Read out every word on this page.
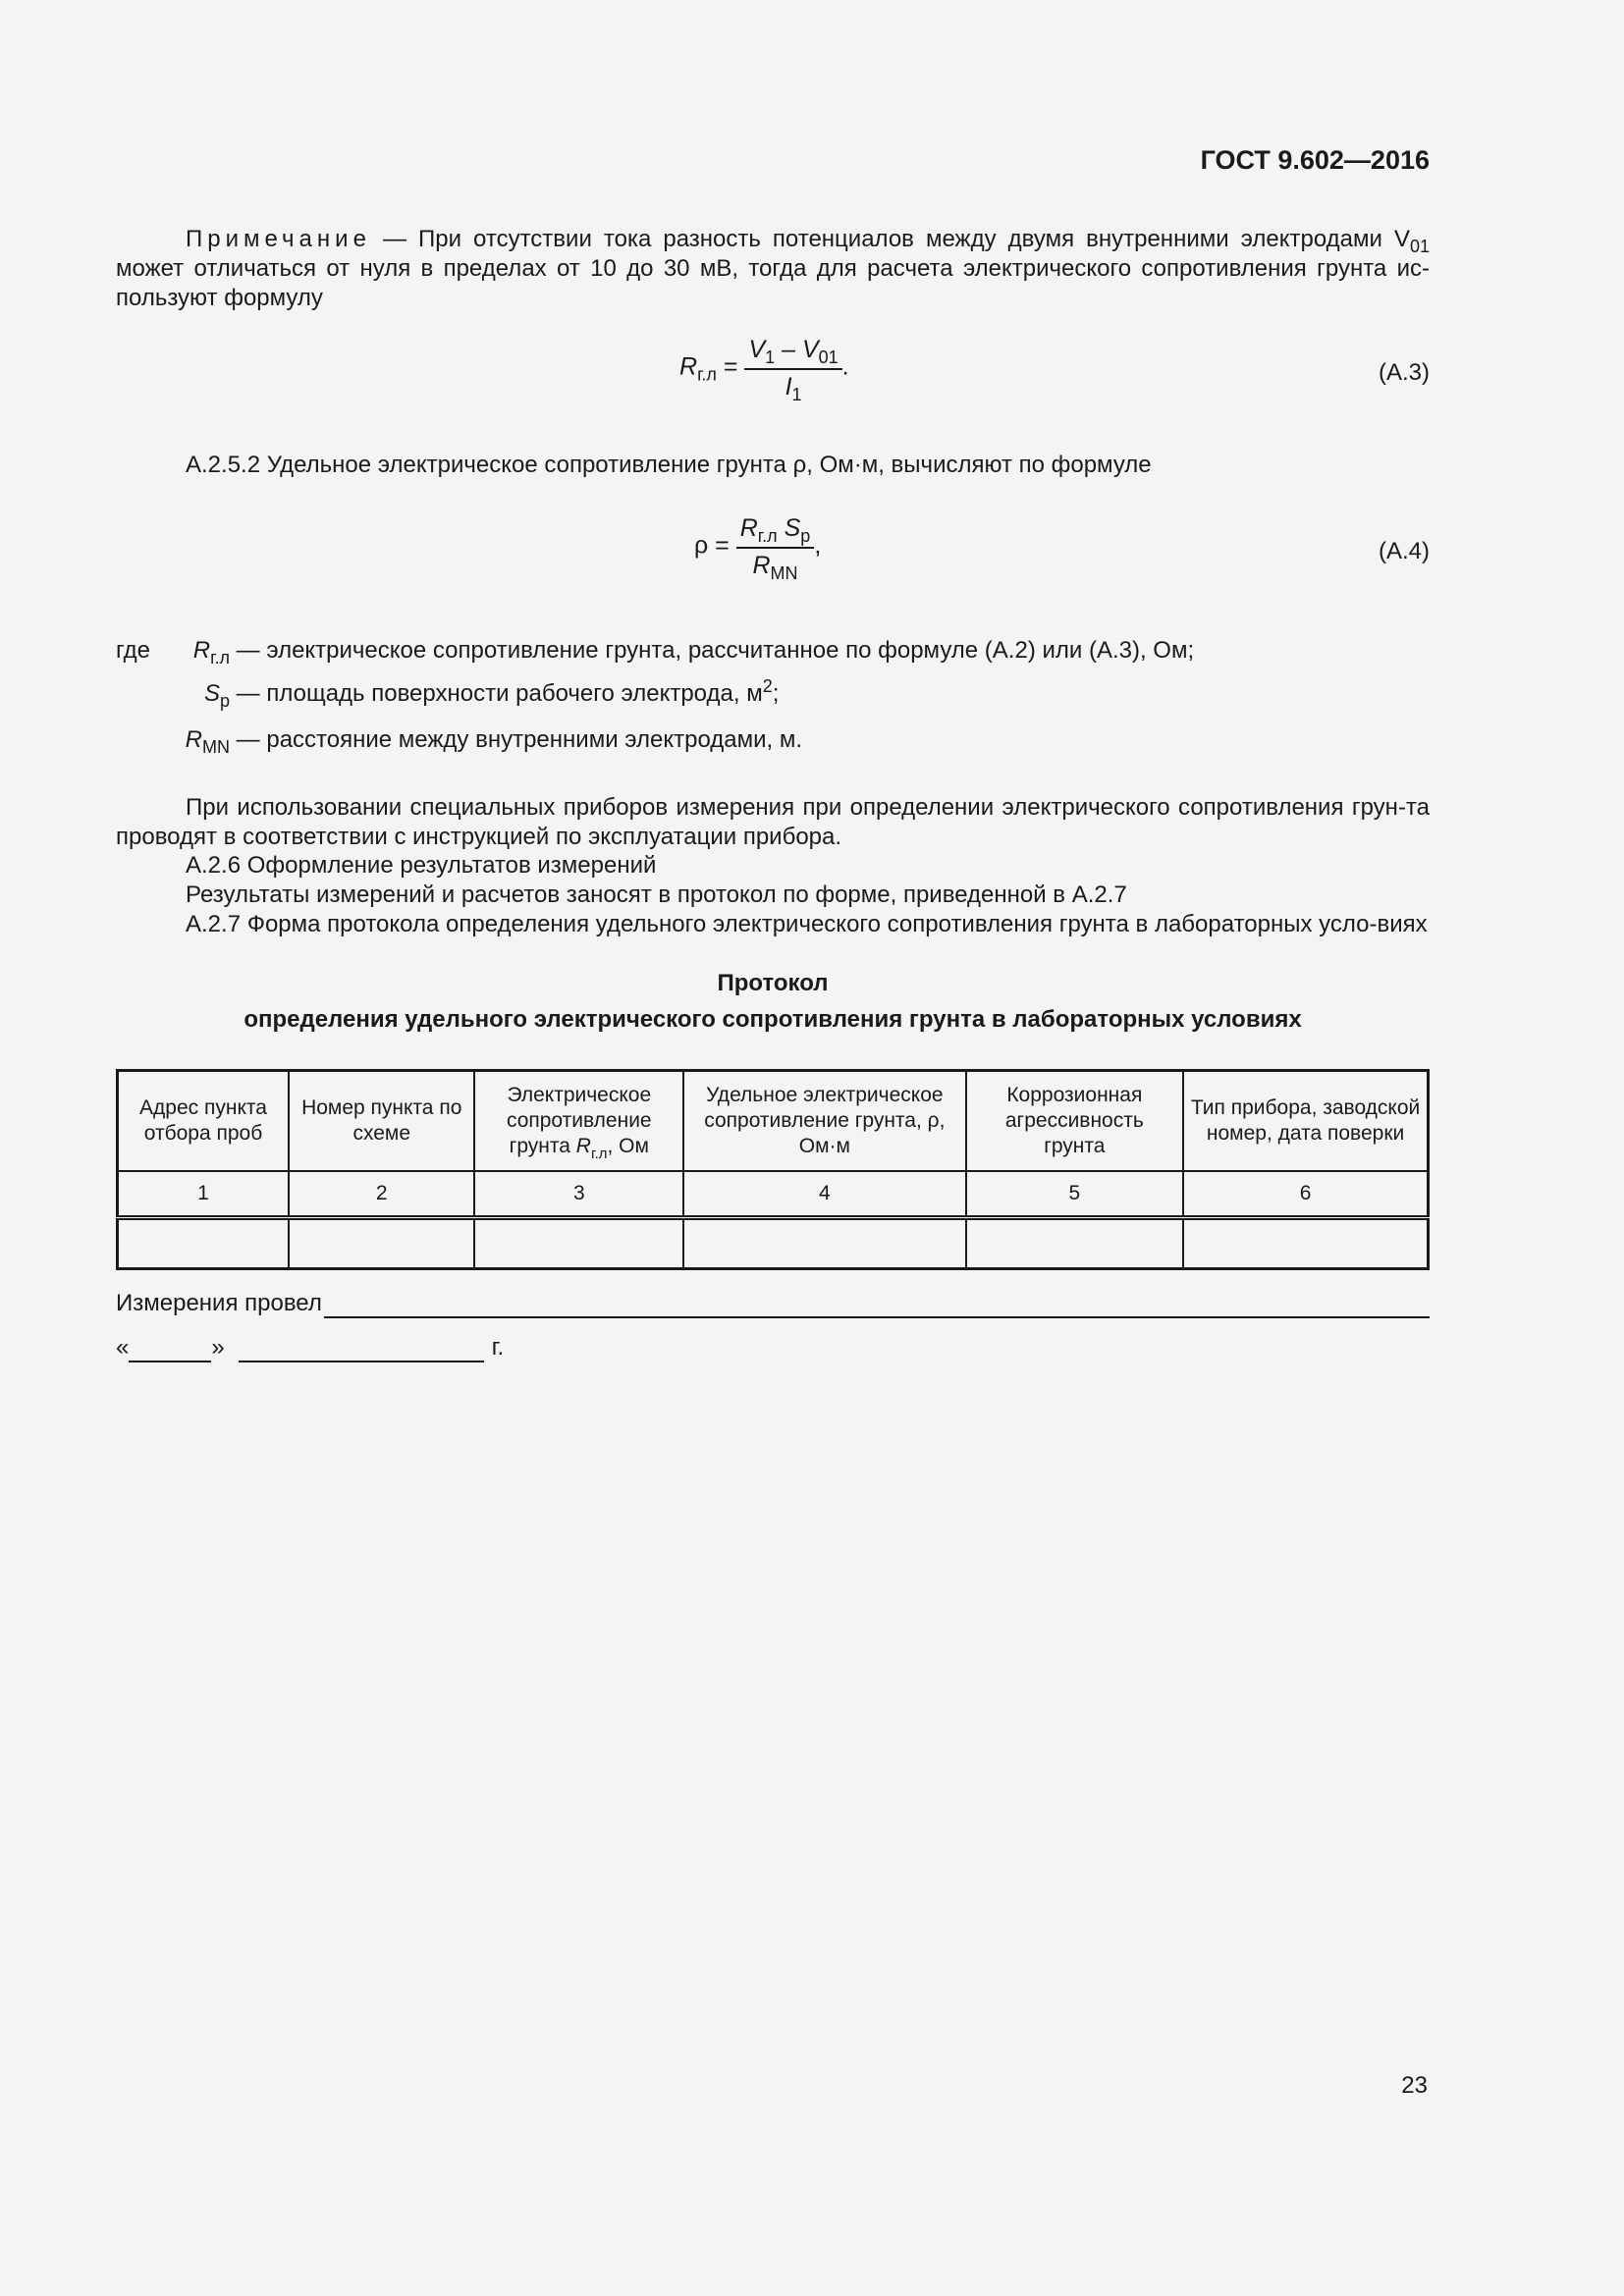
ГОСТ 9.602—2016
Примечание — При отсутствии тока разность потенциалов между двумя внутренними электродами $V_{01}$ может отличаться от нуля в пределах от 10 до 30 мВ, тогда для расчета электрического сопротивления грунта ис-пользуют формулу
$R_{г.л} = \frac{V_1 - V_{01}}{I_1}$ .	(А.3)
А.2.5.2 Удельное электрическое сопротивление грунта ρ, Ом·м, вычисляют по формуле
$\rho = \frac{R_{г.л} S_p}{R_{MN}}$ ,	(А.4)
где $R_{г.л}$ — электрическое сопротивление грунта, рассчитанное по формуле (А.2) или (А.3), Ом;
$S_p$ — площадь поверхности рабочего электрода, $м^2$;
$R_{MN}$ — расстояние между внутренними электродами, м.
При использовании специальных приборов измерения при определении электрического сопротивления грун-та проводят в соответствии с инструкцией по эксплуатации прибора.
А.2.6 Оформление результатов измерений
Результаты измерений и расчетов заносят в протокол по форме, приведенной в А.2.7
А.2.7 Форма протокола определения удельного электрического сопротивления грунта в лабораторных усло-виях
Протокол
определения удельного электрического сопротивления грунта в лабораторных условиях
Адрес пункта отбора проб	Номер пункта по схеме	Электрическое сопротивление грунта $R_{г.л}$, Ом	Удельное электрическое сопротивление грунта, ρ, Ом·м	Коррозионная агрессивность грунта	Тип прибора, заводской номер, дата поверки
1	2	3	4	5	6

Измерения провел
«	»	г.
23
